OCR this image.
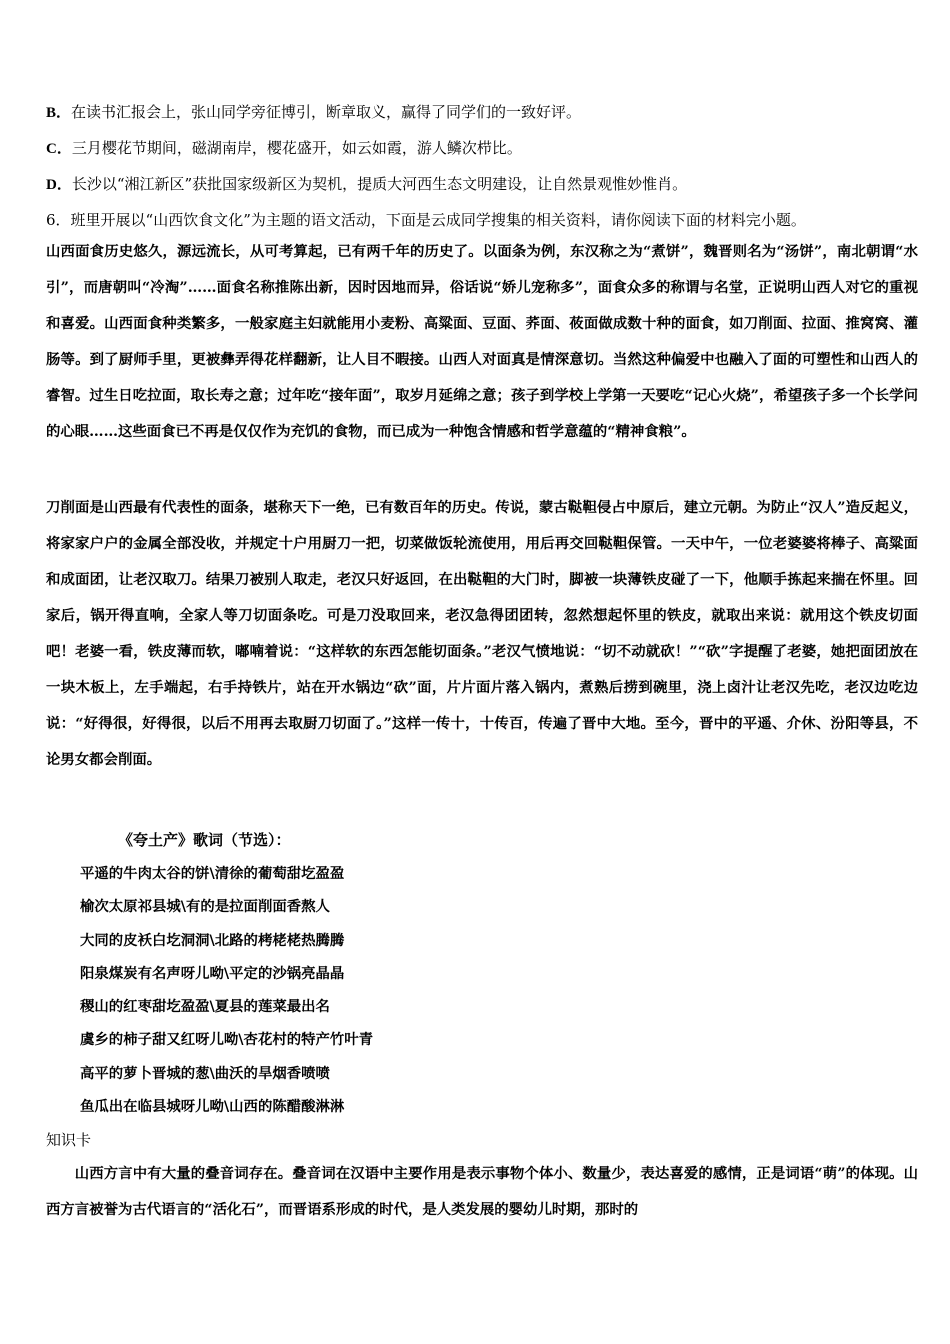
B．在读书汇报会上，张山同学旁征博引，断章取义，赢得了同学们的一致好评。
C．三月樱花节期间，磁湖南岸，樱花盛开，如云如霞，游人鳞次栉比。
D．长沙以“湘江新区”获批国家级新区为契机，提质大河西生态文明建设，让自然景观惟妙惟肖。
6．班里开展以“山西饮食文化”为主题的语文活动，下面是云成同学搜集的相关资料，请你阅读下面的材料完小题。
山西面食历史悠久，源远流长，从可考算起，已有两千年的历史了。以面条为例，东汉称之为“煮饼”，魏晋则名为“汤饼”，南北朝谓“水引”，而唐朝叫“冷淘”……面食名称推陈出新，因时因地而异，俗话说“娇儿宠称多”，面食众多的称谓与名堂，正说明山西人对它的重视和喜爱。山西面食种类繁多，一般家庭主妇就能用小麦粉、高粱面、豆面、荞面、莜面做成数十种的面食，如刀削面、拉面、推窝窝、灌肠等。到了厨师手里，更被彝弄得花样翻新，让人目不暇接。山西人对面真是情深意切。当然这种偏爱中也融入了面的可塑性和山西人的睿智。过生日吃拉面，取长寿之意；过年吃“接年面”，取岁月延绵之意；孩子到学校上学第一天要吃“记心火烧”，希望孩子多一个长学问的心眼……这些面食已不再是仅仅作为充饥的食物，而已成为一种饱含情感和哲学意蕴的“精神食粮”。
刀削面是山西最有代表性的面条，堪称天下一绝，已有数百年的历史。传说，蒙古鞑靼侵占中原后，建立元朝。为防止“汉人”造反起义，将家家户户的金属全部没收，并规定十户用厨刀一把，切菜做饭轮流使用，用后再交回鞑靼保管。一天中午，一位老婆婆将棒子、高粱面和成面团，让老汉取刀。结果刀被别人取走，老汉只好返回，在出鞑靼的大门时，脚被一块薄铁皮碰了一下，他顺手拣起来揣在怀里。回家后，锅开得直响，全家人等刀切面条吃。可是刀没取回来，老汉急得团团转，忽然想起怀里的铁皮，就取出来说：就用这个铁皮切面吧！老婆一看，铁皮薄而软，嘟喃着说：“这样软的东西怎能切面条。”老汉气愤地说：“切不动就砍！”“砍”字提醒了老婆，她把面团放在一块木板上，左手端起，右手持铁片，站在开水锅边“砍”面，片片面片落入锅内，煮熟后捞到碗里，浇上卤汁让老汉先吃，老汉边吃边说：“好得很，好得很，以后不用再去取厨刀切面了。”这样一传十，十传百，传遍了晋中大地。至今，晋中的平遥、介休、汾阳等县，不论男女都会削面。
《夸土产》歌词（节选）：
平遥的牛肉太谷的饼\清徐的葡萄甜圪盈盈
榆次太原祁县城\有的是拉面削面香熬人
大同的皮袄白圪洞洞\北路的栲栳栳热腾腾
阳泉煤炭有名声呀儿呦\平定的沙锅亮晶晶
稷山的红枣甜圪盈盈\夏县的莲菜最出名
虞乡的柿子甜又红呀儿呦\杏花村的特产竹叶青
高平的萝卜晋城的葱\曲沃的旱烟香喷喷
鱼瓜出在临县城呀儿呦\山西的陈醋酸淋淋
知识卡
山西方言中有大量的叠音词存在。叠音词在汉语中主要作用是表示事物个体小、数量少，表达喜爱的感情，正是词语“萌”的体现。山西方言被誉为古代语言的“活化石”，而晋语系形成的时代，是人类发展的婴幼儿时期，那时的
